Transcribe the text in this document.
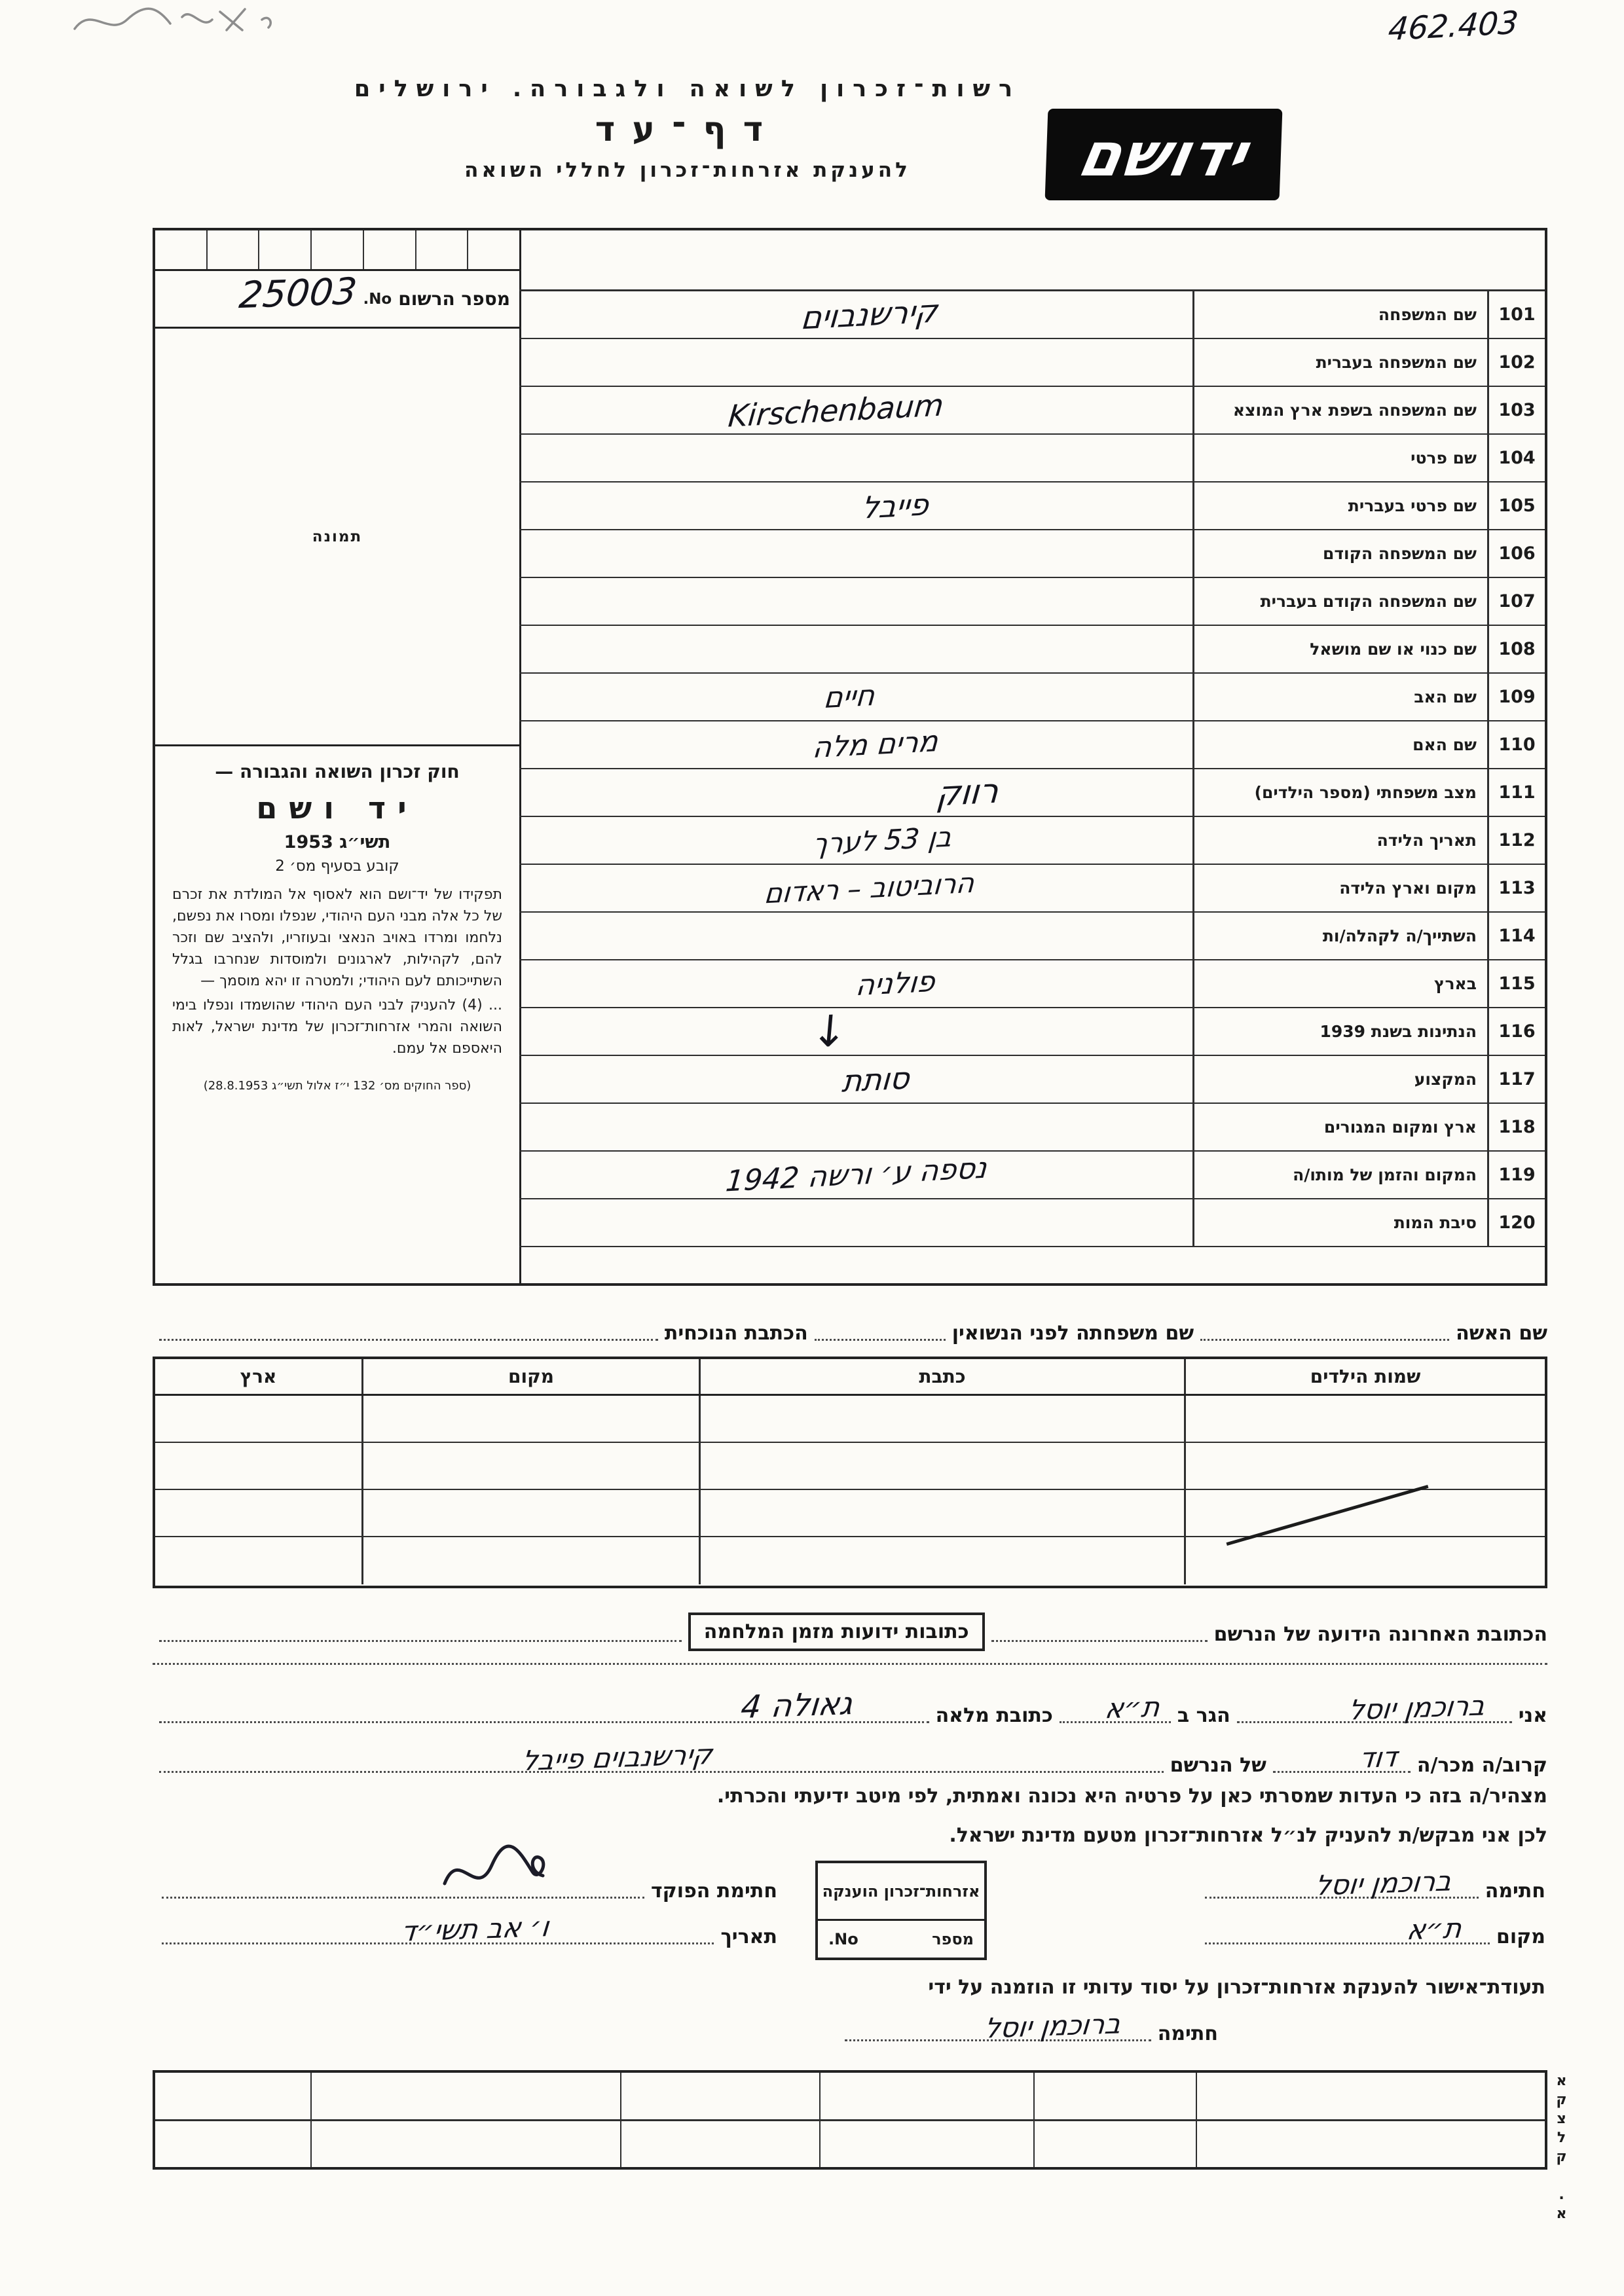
462.403
רשות־זכרון לשואה ולגבורה. ירושלים
דף־עד
להענקת אזרחות־זכרון לחללי השואה	ידושם
מספר הרשום
No.
25003
תמונה
חוק זכרון השואה והגבורה —
יד ושם
תשי״ג 1953
קובע בסעיף מס׳ 2

תפקידו של יד־ושם הוא לאסוף אל המולדת את זכרם של כל אלה מבני העם היהודי, שנפלו ומסרו את נפשם, נלחמו ומרדו באויב הנאצי ובעוזריו, ולהציב שם וזכר להם, לקהילות, לארגונים ולמוסדות שנחרבו בגלל השתייכותם לעם היהודי; ולמטרה זו יהא מוסמך —

... (4) להעניק לבני העם היהודי שהושמדו ונפלו בימי השואה והמרי אזרחות־זכרון של מדינת ישראל, לאות היאספם אל עמם.

(ספר החוקים מס׳ 132 י״ז אלול תשי״ג 28.8.1953)
101
שם המשפחה
קירשנבוים
102
שם המשפחה בעברית
103
שם המשפחה בשפת ארץ המוצא
Kirschenbaum
104
שם פרטי
105
שם פרטי בעברית
פייבל
106
שם המשפחה הקודם
107
שם המשפחה הקודם בעברית
108
שם כנוי או שם מושאל
109
שם האב
חיים
110
שם האם
מרים מלה
111
מצב משפחתי (מספר הילדים)
רווק
112
תאריך הלידה
בן 53 לערך
113
מקום וארץ הלידה
הרוביטוב – ראדום
114
השתייך/ה לקהלה/ות
115
בארץ
פולניה
116
הנתינות בשנת 1939
↓
117
המקצוע
סותת
118
ארץ ומקום המגורים
119
המקום והזמן של מותו/ה
נספה ע׳ ורשה 1942
120
סיבת המות
שם האשה
שם משפחתה לפני הנשואין
הכתבת הנוכחית
שמות הילדים
כתבת
מקום
ארץ
הכתובת האחרונה הידועה של הנרשם
כתובות ידועות מזמן המלחמה
אני
ברוכמן יוסל
הגר ב
ת״א
כתובת מלאה
גאולה 4
קרוב/ה מכר/ה
דוד
של הנרשם
קירשנבוים פייבל
מצהיר/ה בזה כי העדות שמסרתי כאן על פרטיה היא נכונה ואמתית, לפי מיטב ידיעתי והכרתי.
לכן אני מבקש/ת להעניק לנ״ל אזרחות־זכרון מטעם מדינת ישראל.
חתימה
ברוכמן יוסל
מקום
ת״א
אזרחות־זכרון הוענקה
מספר
No.
חתימת הפוקד
תאריך
ו׳ אב תשי״ד
תעודת־אישור להענקת אזרחות־זכרון על יסוד עדותי זו הוזמנה על ידי
חתימה
ברוכמן יוסל
א. קלצקא
